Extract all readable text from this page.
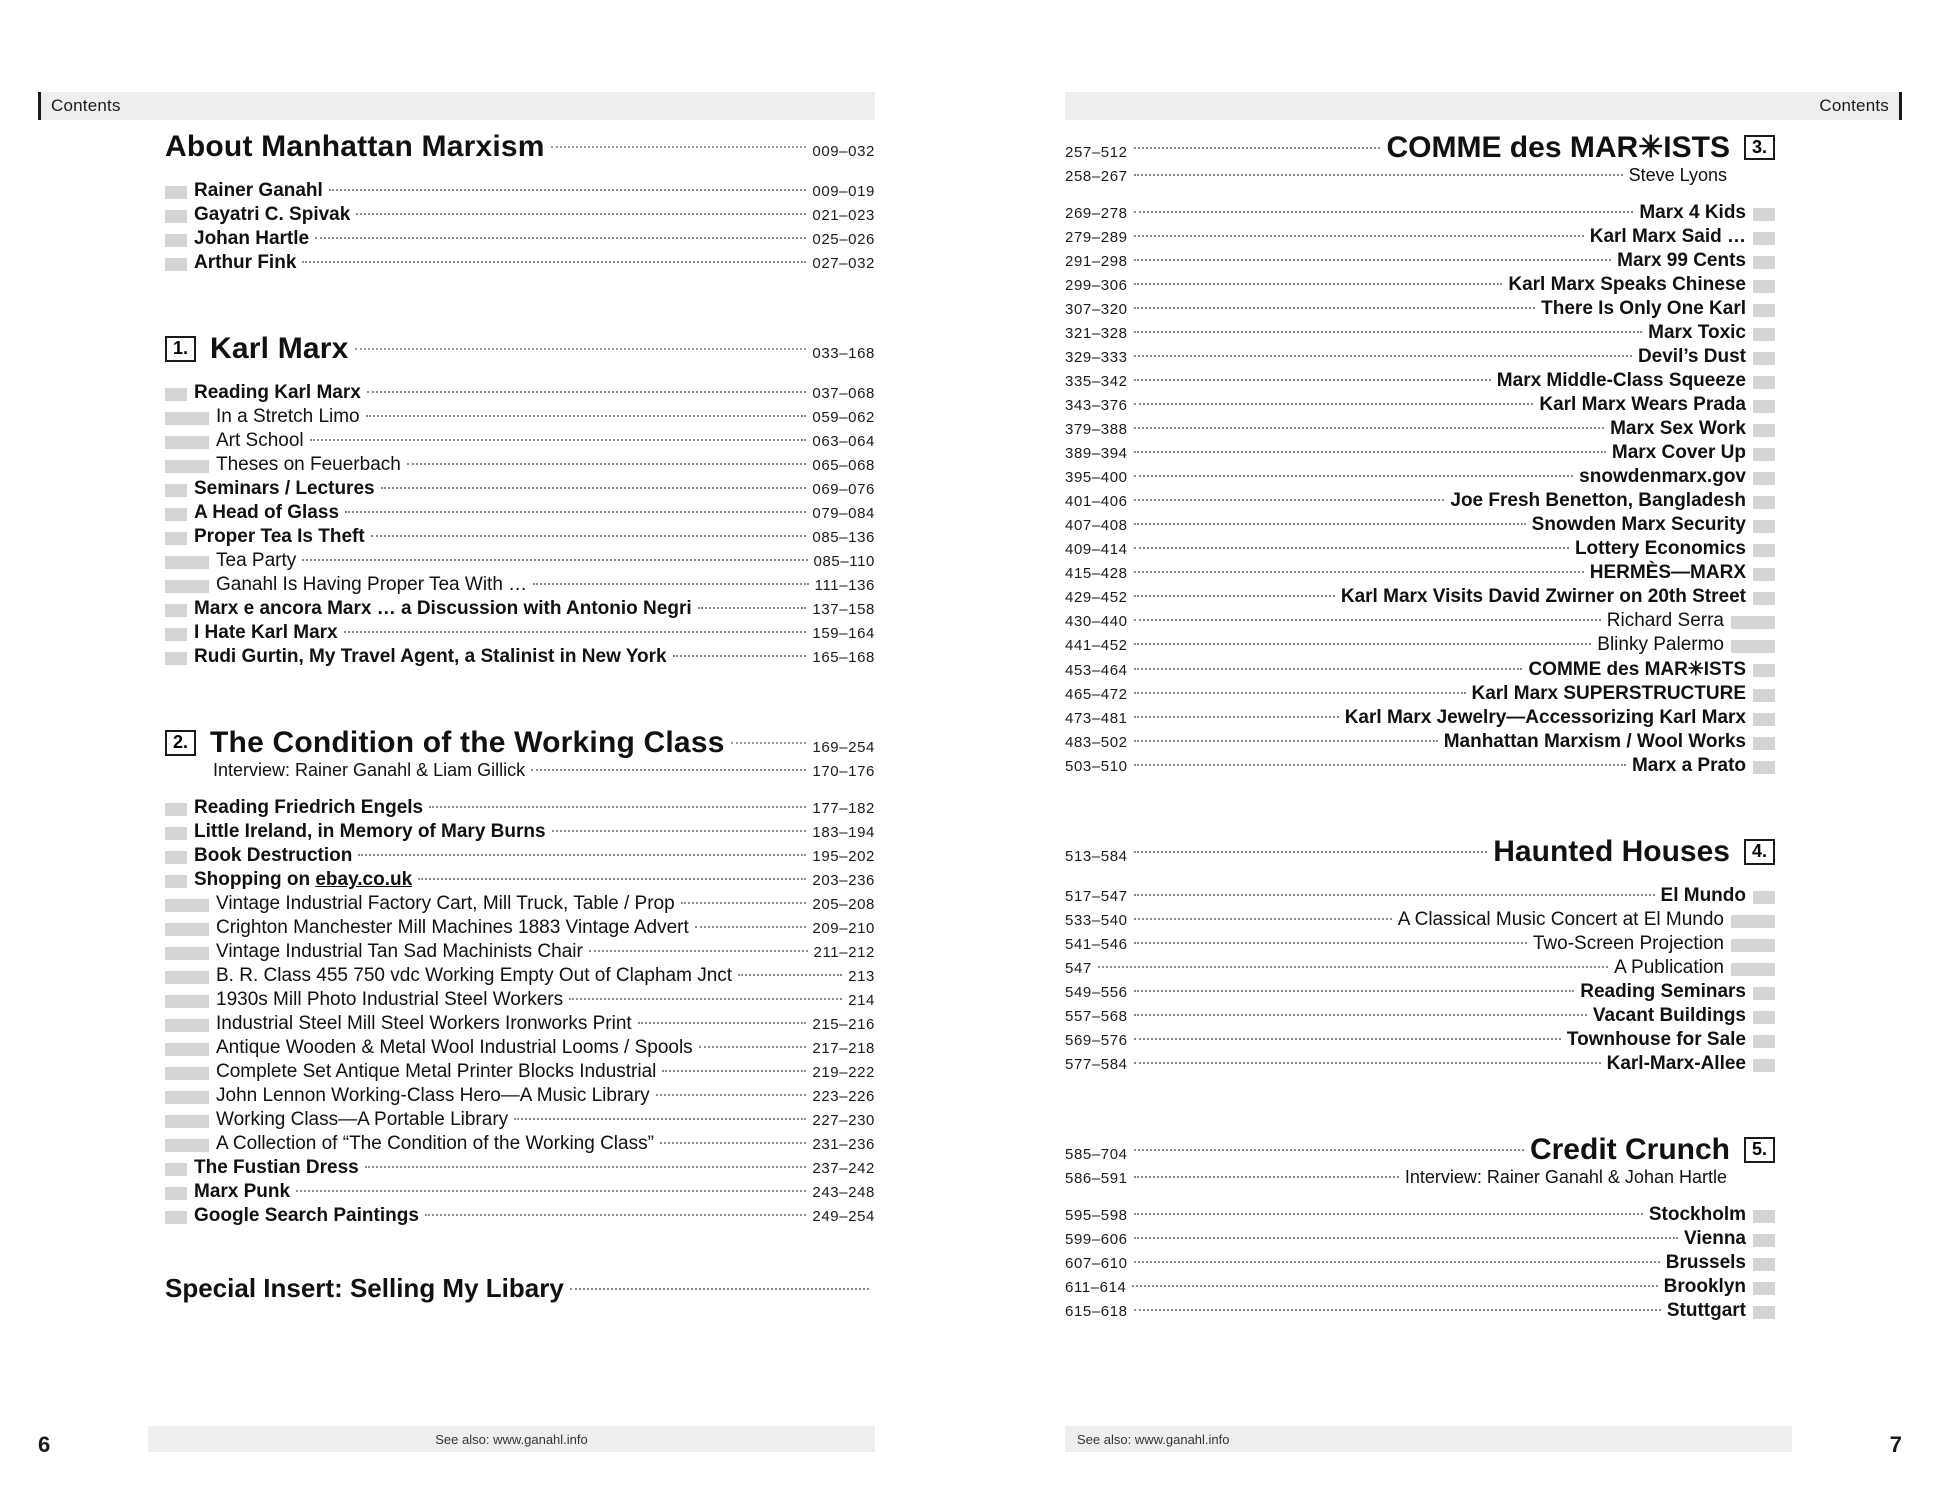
Contents
About Manhattan Marxism	009–032
Rainer Ganahl	009–019
Gayatri C. Spivak	021–023
Johan Hartle	025–026
Arthur Fink	027–032
1. Karl Marx	033–168
Reading Karl Marx	037–068
In a Stretch Limo	059–062
Art School	063–064
Theses on Feuerbach	065–068
Seminars / Lectures	069–076
A Head of Glass	079–084
Proper Tea Is Theft	085–136
Tea Party	085–110
Ganahl Is Having Proper Tea With …	111–136
Marx e ancora Marx … a Discussion with Antonio Negri	137–158
I Hate Karl Marx	159–164
Rudi Gurtin, My Travel Agent, a Stalinist in New York	165–168
2. The Condition of the Working Class	169–254
Interview: Rainer Ganahl & Liam Gillick	170–176
Reading Friedrich Engels	177–182
Little Ireland, in Memory of Mary Burns	183–194
Book Destruction	195–202
Shopping on ebay.co.uk	203–236
Vintage Industrial Factory Cart, Mill Truck, Table / Prop	205–208
Crighton Manchester Mill Machines 1883 Vintage Advert	209–210
Vintage Industrial Tan Sad Machinists Chair	211–212
B. R. Class 455 750 vdc Working Empty Out of Clapham Jnct	213
1930s Mill Photo Industrial Steel Workers	214
Industrial Steel Mill Steel Workers Ironworks Print	215–216
Antique Wooden & Metal Wool Industrial Looms / Spools	217–218
Complete Set Antique Metal Printer Blocks Industrial	219–222
John Lennon Working-Class Hero—A Music Library	223–226
Working Class—A Portable Library	227–230
A Collection of “The Condition of the Working Class”	231–236
The Fustian Dress	237–242
Marx Punk	243–248
Google Search Paintings	249–254
Special Insert: Selling My Libary
See also: www.ganahl.info
6
Contents
257–512	COMME des MAR✳ISTS	3.
258–267	Steve Lyons
269–278	Marx 4 Kids
279–289	Karl Marx Said …
291–298	Marx 99 Cents
299–306	Karl Marx Speaks Chinese
307–320	There Is Only One Karl
321–328	Marx Toxic
329–333	Devil’s Dust
335–342	Marx Middle-Class Squeeze
343–376	Karl Marx Wears Prada
379–388	Marx Sex Work
389–394	Marx Cover Up
395–400	snowdenmarx.gov
401–406	Joe Fresh Benetton, Bangladesh
407–408	Snowden Marx Security
409–414	Lottery Economics
415–428	HERMÈS—MARX
429–452	Karl Marx Visits David Zwirner on 20th Street
430–440	Richard Serra
441–452	Blinky Palermo
453–464	COMME des MAR✳ISTS
465–472	Karl Marx SUPERSTRUCTURE
473–481	Karl Marx Jewelry—Accessorizing Karl Marx
483–502	Manhattan Marxism / Wool Works
503–510	Marx a Prato
513–584	Haunted Houses	4.
517–547	El Mundo
533–540	A Classical Music Concert at El Mundo
541–546	Two-Screen Projection
547	A Publication
549–556	Reading Seminars
557–568	Vacant Buildings
569–576	Townhouse for Sale
577–584	Karl-Marx-Allee
585–704	Credit Crunch	5.
586–591	Interview: Rainer Ganahl & Johan Hartle
595–598	Stockholm
599–606	Vienna
607–610	Brussels
611–614	Brooklyn
615–618	Stuttgart
See also: www.ganahl.info	7
